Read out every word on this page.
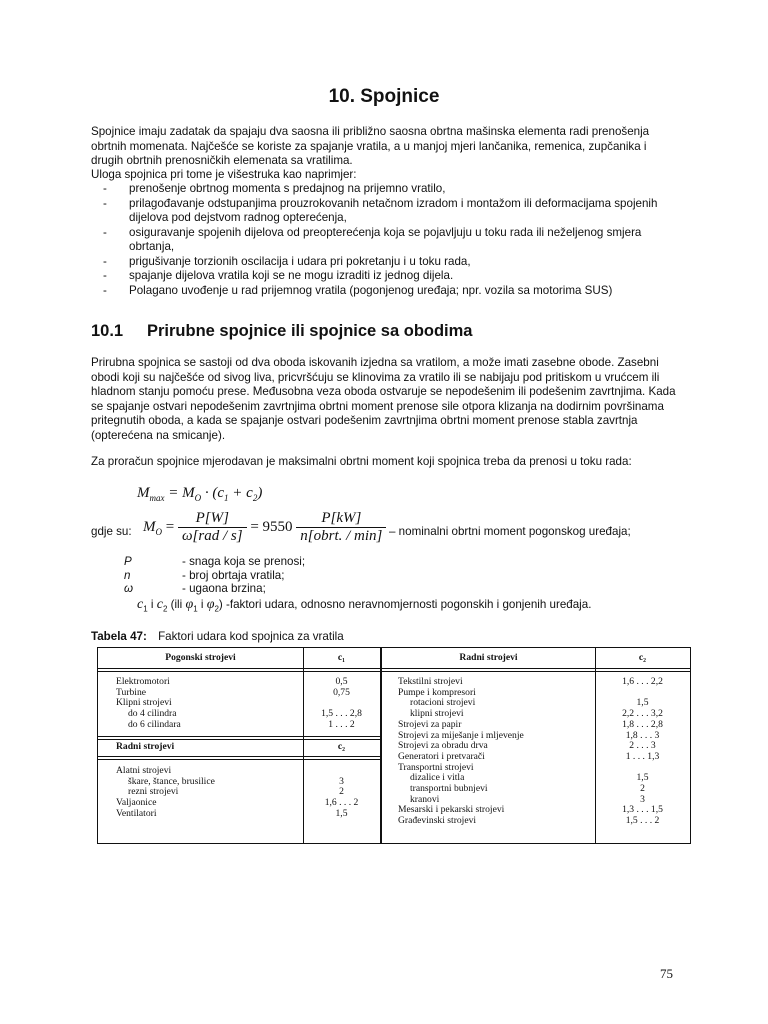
10. Spojnice
Spojnice imaju zadatak da spajaju dva saosna ili približno saosna obrtna mašinska elementa radi prenošenja obrtnih momenata. Najčešće se koriste za spajanje vratila, a u manjoj mjeri lančanika, remenica, zupčanika i drugih obrtnih prenosničkih elemenata sa vratilima.
Uloga spojnica pri tome je višestruka kao naprimjer:
- prenošenje obrtnog momenta s predajnog na prijemno vratilo,
- prilagođavanje odstupanjima prouzrokovanih netačnom izradom i montažom ili deformacijama spojenih dijelova pod dejstvom radnog opterećenja,
- osiguravanje spojenih dijelova od preopterećenja koja se pojavljuju u toku rada ili neželjenog smjera obrtanja,
- prigušivanje torzionih oscilacija i udara pri pokretanju i u toku rada,
- spajanje dijelova vratila koji se ne mogu izraditi iz jednog dijela.
- Polagano uvođenje u rad prijemnog vratila (pogonjenog uređaja; npr. vozila sa motorima SUS)
10.1 Prirubne spojnice ili spojnice sa obodima
Prirubna spojnica se sastoji od dva oboda iskovanih izjedna sa vratilom, a može imati zasebne obode. Zasebni obodi koji su najčešće od sivog liva, pricvršćuju se klinovima za vratilo ili se nabijaju pod pritiskom u vrućcem ili hladnom stanju pomoću prese. Međusobna veza oboda ostvaruje se nepodešenim ili podešenim zavrtnjima. Kada se spajanje ostvari nepodešenim zavrtnjima obrtni moment prenose sile otpora klizanja na dodirnim površinama pritegnutih oboda, a kada se spajanje ostvari podešenim zavrtnjima obrtni moment prenose stabla zavrtnja (opterećena na smicanje).
Za proračun spojnice mjerodavan je maksimalni obrtni moment koji spojnica treba da prenosi u toku rada:
$M_{max} = M_O \cdot (c_1 + c_2)$
gdje su: $M_O = \frac{P[W]}{\text{ω[rad / s]}} = 9550 \frac{P[kW]}{\text{n[obrt. / min]}}$ – nominalni obrtni moment pogonskog uređaja;
P	- snaga koja se prenosi;
n	- broj obrtaja vratila;
ω	- ugaona brzina;
$c_1$ i $c_2$ (ili $\varphi_1$ i $\varphi_2$) -faktori udara, odnosno neravnomjernosti pogonskih i gonjenih uređaja.
Tabela 47: Faktori udara kod spojnica za vratila
Pogonski strojevi	c₁	Radni strojevi	c₂
Elektromotori	0,5
Turbine	0,75
Klipni strojevi
do 4 cilindra	1,5 . . . 2,8
do 6 cilindara	1 . . . 2
Radni strojevi	c₂
Alatni strojevi
škare, štance, brusilice	3
rezni strojevi	2
Valjaonice	1,6 . . . 2
Ventilatori	1,5
Tekstilni strojevi	1,6 . . . 2,2
Pumpe i kompresori
rotacioni strojevi	1,5
klipni strojevi	2,2 . . . 3,2
Strojevi za papir	1,8 . . . 2,8
Strojevi za miješanje i mljevenje	1,8 . . . 3
Strojevi za obradu drva	2 . . . 3
Generatori i pretvarači	1 . . . 1,3
Transportni strojevi
dizalice i vitla	1,5
transportni bubnjevi	2
kranovi	3
Mesarski i pekarski strojevi	1,3 . . . 1,5
Građevinski strojevi	1,5 . . . 2
75
